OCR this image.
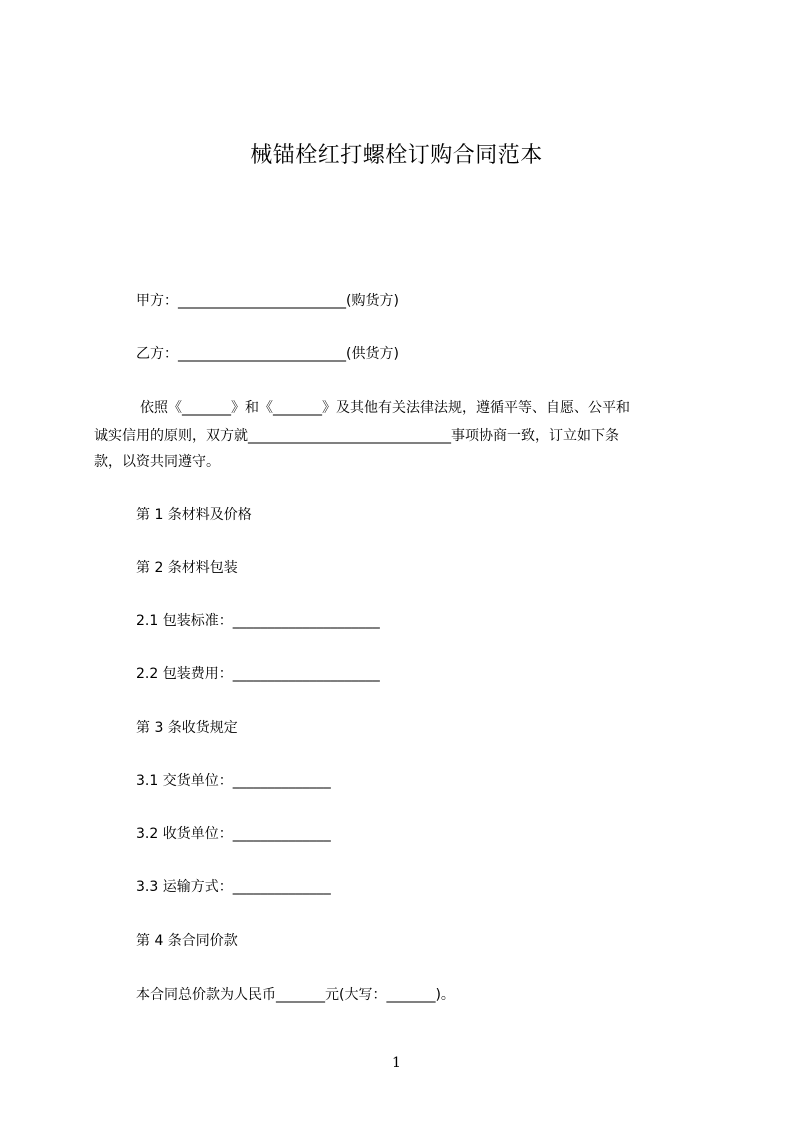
械锚栓红打螺栓订购合同范本
甲方：________________________(购货方)
乙方：________________________(供货方)
依照《_______》和《_______》及其他有关法律法规，遵循平等、自愿、公平和
诚实信用的原则，双方就_____________________________事项协商一致，订立如下条
款，以资共同遵守。
第 1 条材料及价格
第 2 条材料包装
2.1 包装标准：_____________________
2.2 包装费用：_____________________
第 3 条收货规定
3.1 交货单位：______________
3.2 收货单位：______________
3.3 运输方式：______________
第 4 条合同价款
本合同总价款为人民币_______元(大写：_______)。
1
